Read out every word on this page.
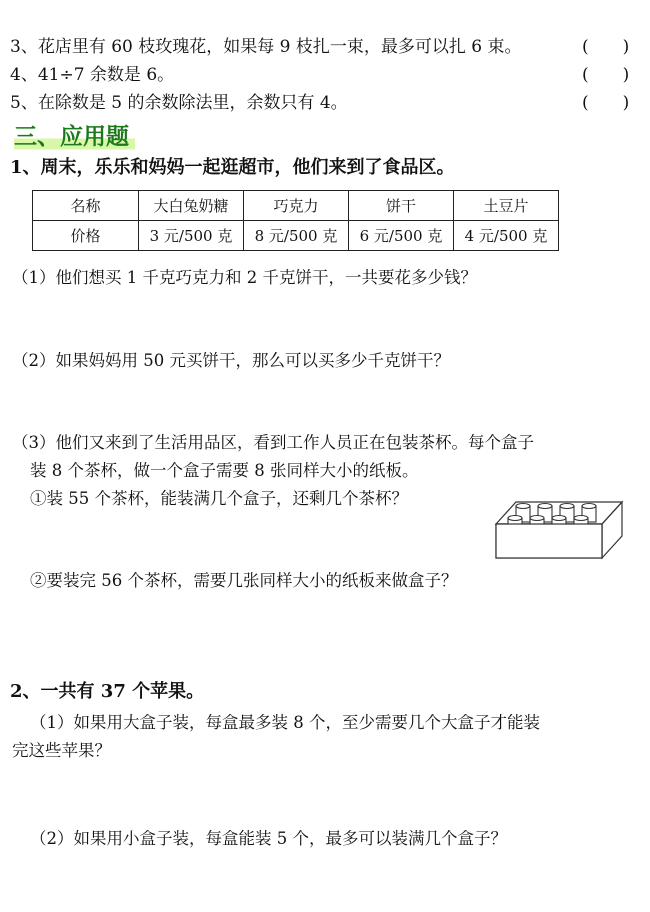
3、花店里有 60 枝玫瑰花，如果每 9 枝扎一束，最多可以扎 6 束。	(　　)
4、41÷7 余数是 6。	(　　)
5、在除数是 5 的余数除法里，余数只有 4。	(　　)
三、应用题
1、周末，乐乐和妈妈一起逛超市，他们来到了食品区。
名称	大白兔奶糖	巧克力	饼干	土豆片
价格	3 元/500 克	8 元/500 克	6 元/500 克	4 元/500 克
（1）他们想买 1 千克巧克力和 2 千克饼干，一共要花多少钱？
（2）如果妈妈用 50 元买饼干，那么可以买多少千克饼干？
（3）他们又来到了生活用品区，看到工作人员正在包装茶杯。每个盒子
装 8 个茶杯，做一个盒子需要 8 张同样大小的纸板。
①装 55 个茶杯，能装满几个盒子，还剩几个茶杯？
②要装完 56 个茶杯，需要几张同样大小的纸板来做盒子？
2、一共有 37 个苹果。
（1）如果用大盒子装，每盒最多装 8 个，至少需要几个大盒子才能装
完这些苹果？
（2）如果用小盒子装，每盒能装 5 个，最多可以装满几个盒子？
